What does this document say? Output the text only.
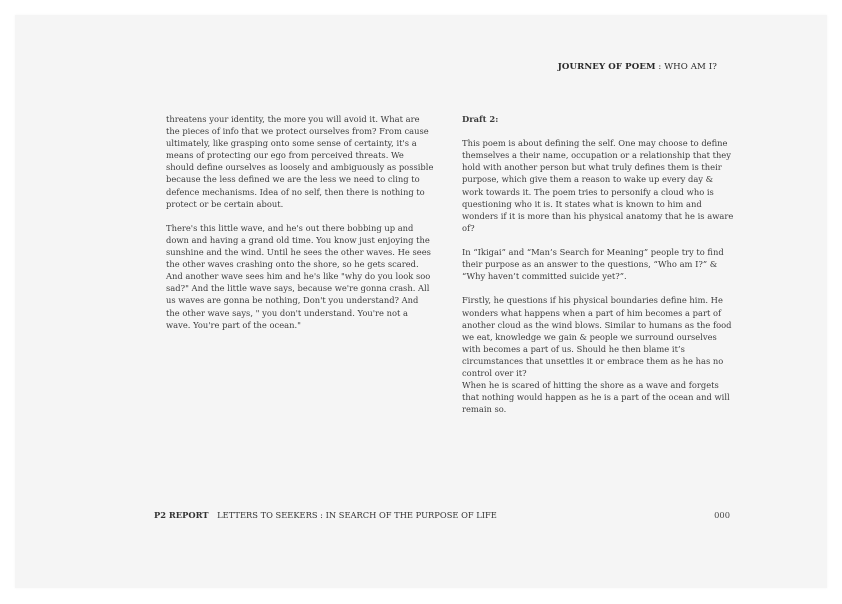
JOURNEY OF POEM : WHO AM I?

threatens your identity, the more you will avoid it. What are the pieces of info that we protect ourselves from? From cause ultimately, like grasping onto some sense of certainty, it's a means of protecting our ego from perceived threats. We should define ourselves as loosely and ambiguously as possible because the less defined we are the less we need to cling to defence mechanisms. Idea of no self, then there is nothing to protect or be certain about.

There's this little wave, and he's out there bobbing up and down and having a grand old time. You know just enjoying the sunshine and the wind. Until he sees the other waves. He sees the other waves crashing onto the shore, so he gets scared. And another wave sees him and he's like "why do you look soo sad?" And the little wave says, because we're gonna crash. All us waves are gonna be nothing, Don't you understand? And the other wave says, " you don't understand. You're not a wave. You're part of the ocean."

Draft 2:

This poem is about defining the self. One may choose to define themselves a their name, occupation or a relationship that they hold with another person but what truly defines them is their purpose, which give them a reason to wake up every day & work towards it. The poem tries to personify a cloud who is questioning who it is. It states what is known to him and wonders if it is more than his physical anatomy that he is aware of?

In “Ikigai” and “Man’s Search for Meaning” people try to find their purpose as an answer to the questions, “Who am I?” & “Why haven’t committed suicide yet?”.

Firstly, he questions if his physical boundaries define him. He wonders what happens when a part of him becomes a part of another cloud as the wind blows. Similar to humans as the food we eat, knowledge we gain & people we surround ourselves with becomes a part of us. Should he then blame it’s circumstances that unsettles it or embrace them as he has no control over it?

When he is scared of hitting the shore as a wave and forgets that nothing would happen as he is a part of the ocean and will remain so.

P2 REPORT LETTERS TO SEEKERS : IN SEARCH OF THE PURPOSE OF LIFE	000
